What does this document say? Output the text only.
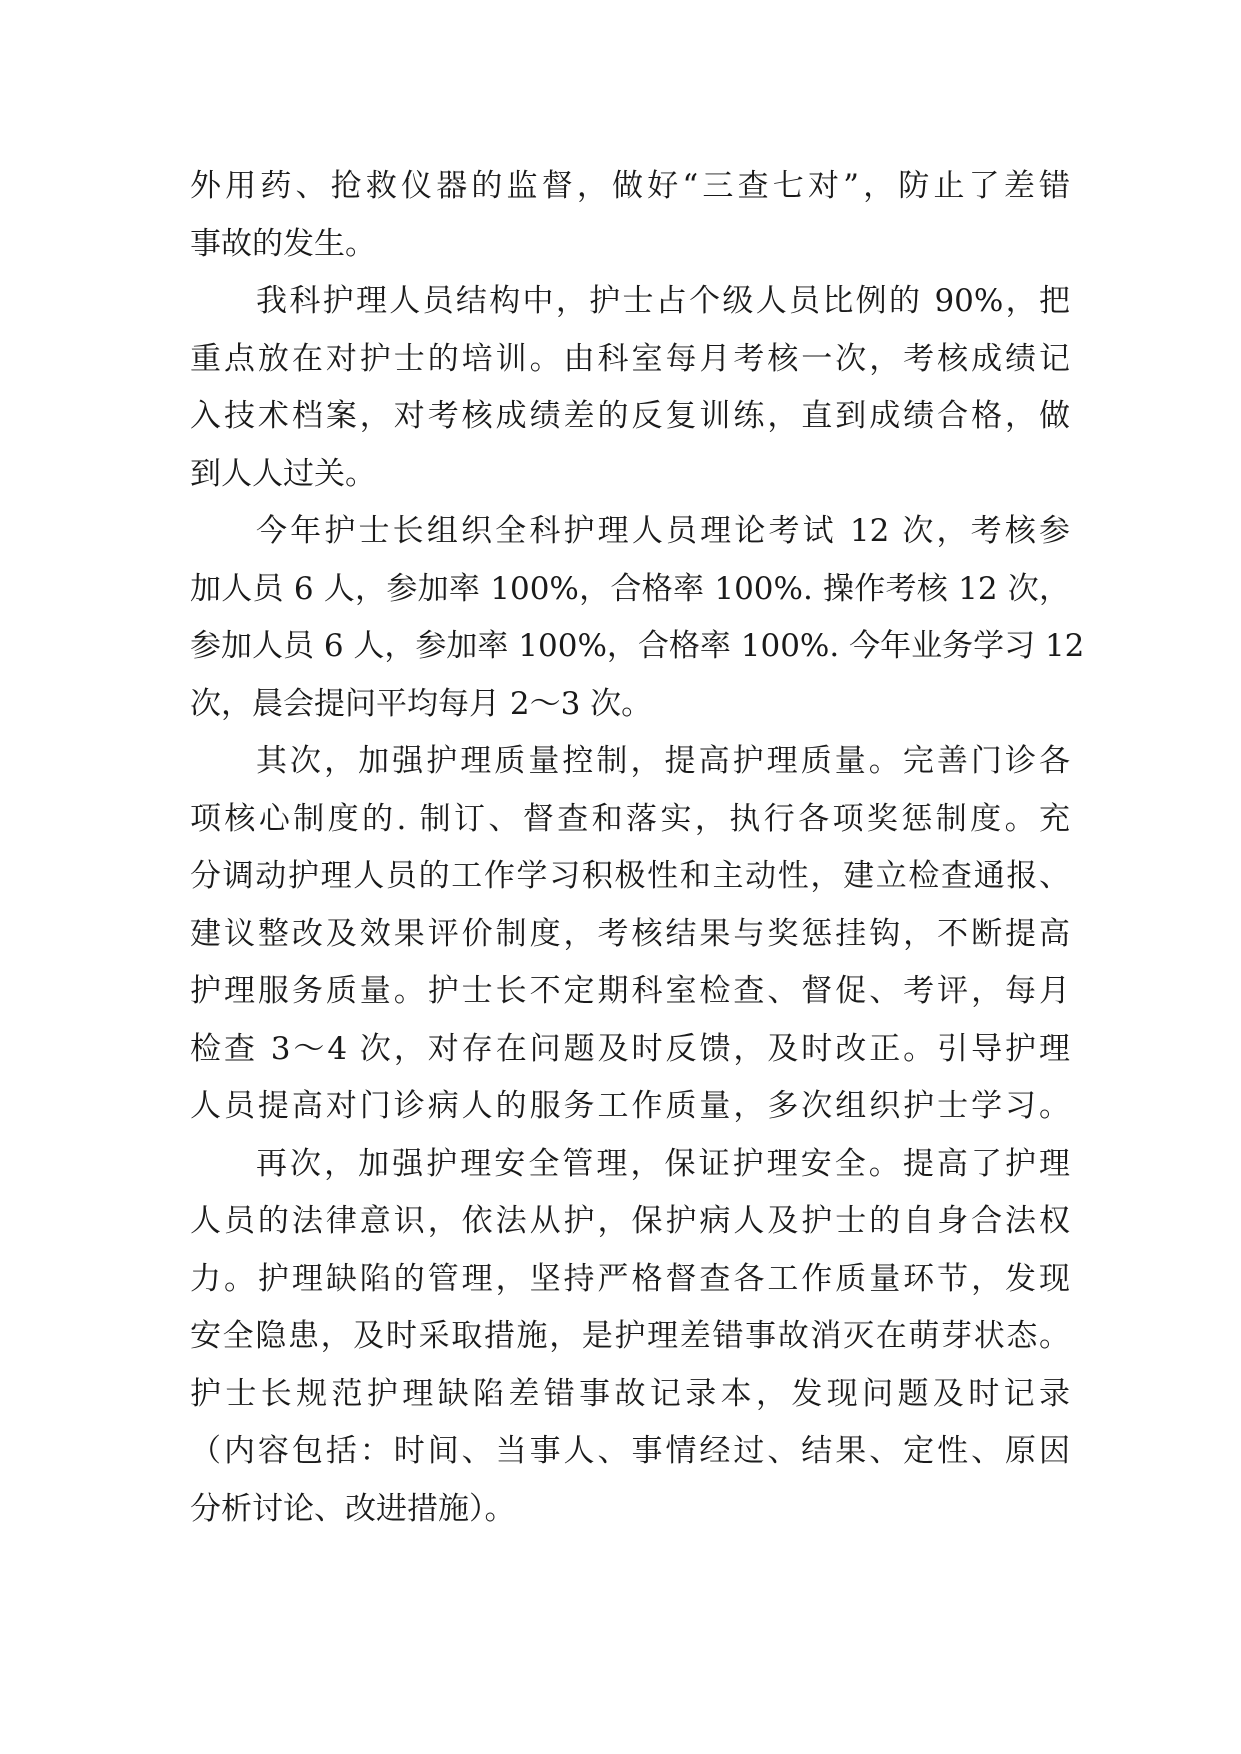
外用药、抢救仪器的监督，做好“三查七对”，防止了差错
事故的发生。
我科护理人员结构中，护士占个级人员比例的 90%，把
重点放在对护士的培训。由科室每月考核一次，考核成绩记
入技术档案，对考核成绩差的反复训练，直到成绩合格，做
到人人过关。
今年护士长组织全科护理人员理论考试 12 次，考核参
加人员 6 人，参加率 100%，合格率 100%. 操作考核 12 次，
参加人员 6 人，参加率 100%，合格率 100%. 今年业务学习 12
次，晨会提问平均每月 2～3 次。
其次，加强护理质量控制，提高护理质量。完善门诊各
项核心制度的. 制订、督查和落实，执行各项奖惩制度。充
分调动护理人员的工作学习积极性和主动性，建立检查通报、
建议整改及效果评价制度，考核结果与奖惩挂钩，不断提高
护理服务质量。护士长不定期科室检查、督促、考评，每月
检查 3～4 次，对存在问题及时反馈，及时改正。引导护理
人员提高对门诊病人的服务工作质量，多次组织护士学习。
再次，加强护理安全管理，保证护理安全。提高了护理
人员的法律意识，依法从护，保护病人及护士的自身合法权
力。护理缺陷的管理，坚持严格督查各工作质量环节，发现
安全隐患，及时采取措施，是护理差错事故消灭在萌芽状态。
护士长规范护理缺陷差错事故记录本，发现问题及时记录
（内容包括：时间、当事人、事情经过、结果、定性、原因
分析讨论、改进措施）。
